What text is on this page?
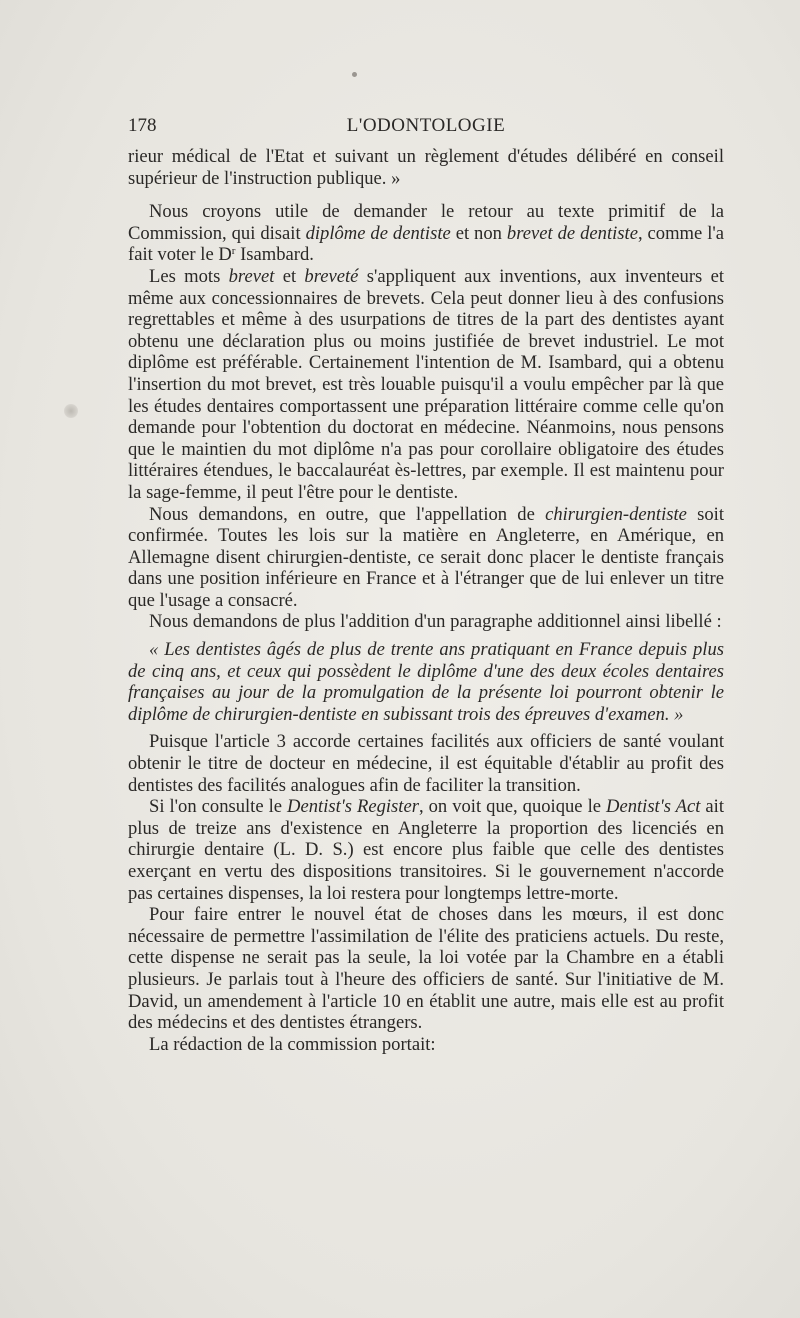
178	L'ODONTOLOGIE

rieur médical de l'Etat et suivant un règlement d'études délibéré en conseil supérieur de l'instruction publique. »

Nous croyons utile de demander le retour au texte primitif de la Commission, qui disait diplôme de dentiste et non brevet de dentiste, comme l'a fait voter le $D^r$ Isambard.

Les mots brevet et breveté s'appliquent aux inventions, aux inventeurs et même aux concessionnaires de brevets. Cela peut donner lieu à des confusions regrettables et même à des usurpations de titres de la part des dentistes ayant obtenu une déclaration plus ou moins justifiée de brevet industriel. Le mot diplôme est préférable. Certainement l'intention de M. Isambard, qui a obtenu l'insertion du mot brevet, est très louable puisqu'il a voulu empêcher par là que les études dentaires comportassent une préparation littéraire comme celle qu'on demande pour l'obtention du doctorat en médecine. Néanmoins, nous pensons que le maintien du mot diplôme n'a pas pour corollaire obligatoire des études littéraires étendues, le baccalauréat ès-lettres, par exemple. Il est maintenu pour la sage-femme, il peut l'être pour le dentiste.

Nous demandons, en outre, que l'appellation de chirurgien-dentiste soit confirmée. Toutes les lois sur la matière en Angleterre, en Amérique, en Allemagne disent chirurgien-dentiste, ce serait donc placer le dentiste français dans une position inférieure en France et à l'étranger que de lui enlever un titre que l'usage a consacré.

Nous demandons de plus l'addition d'un paragraphe additionnel ainsi libellé :

« Les dentistes âgés de plus de trente ans pratiquant en France depuis plus de cinq ans, et ceux qui possèdent le diplôme d'une des deux écoles dentaires françaises au jour de la promulgation de la présente loi pourront obtenir le diplôme de chirurgien-dentiste en subissant trois des épreuves d'examen. »

Puisque l'article 3 accorde certaines facilités aux officiers de santé voulant obtenir le titre de docteur en médecine, il est équitable d'établir au profit des dentistes des facilités analogues afin de faciliter la transition.

Si l'on consulte le Dentist's Register, on voit que, quoique le Dentist's Act ait plus de treize ans d'existence en Angleterre la proportion des licenciés en chirurgie dentaire (L. D. S.) est encore plus faible que celle des dentistes exerçant en vertu des dispositions transitoires. Si le gouvernement n'accorde pas certaines dispenses, la loi restera pour longtemps lettre-morte.

Pour faire entrer le nouvel état de choses dans les mœurs, il est donc nécessaire de permettre l'assimilation de l'élite des praticiens actuels. Du reste, cette dispense ne serait pas la seule, la loi votée par la Chambre en a établi plusieurs. Je parlais tout à l'heure des officiers de santé. Sur l'initiative de M. David, un amendement à l'article 10 en établit une autre, mais elle est au profit des médecins et des dentistes étrangers.

La rédaction de la commission portait:
